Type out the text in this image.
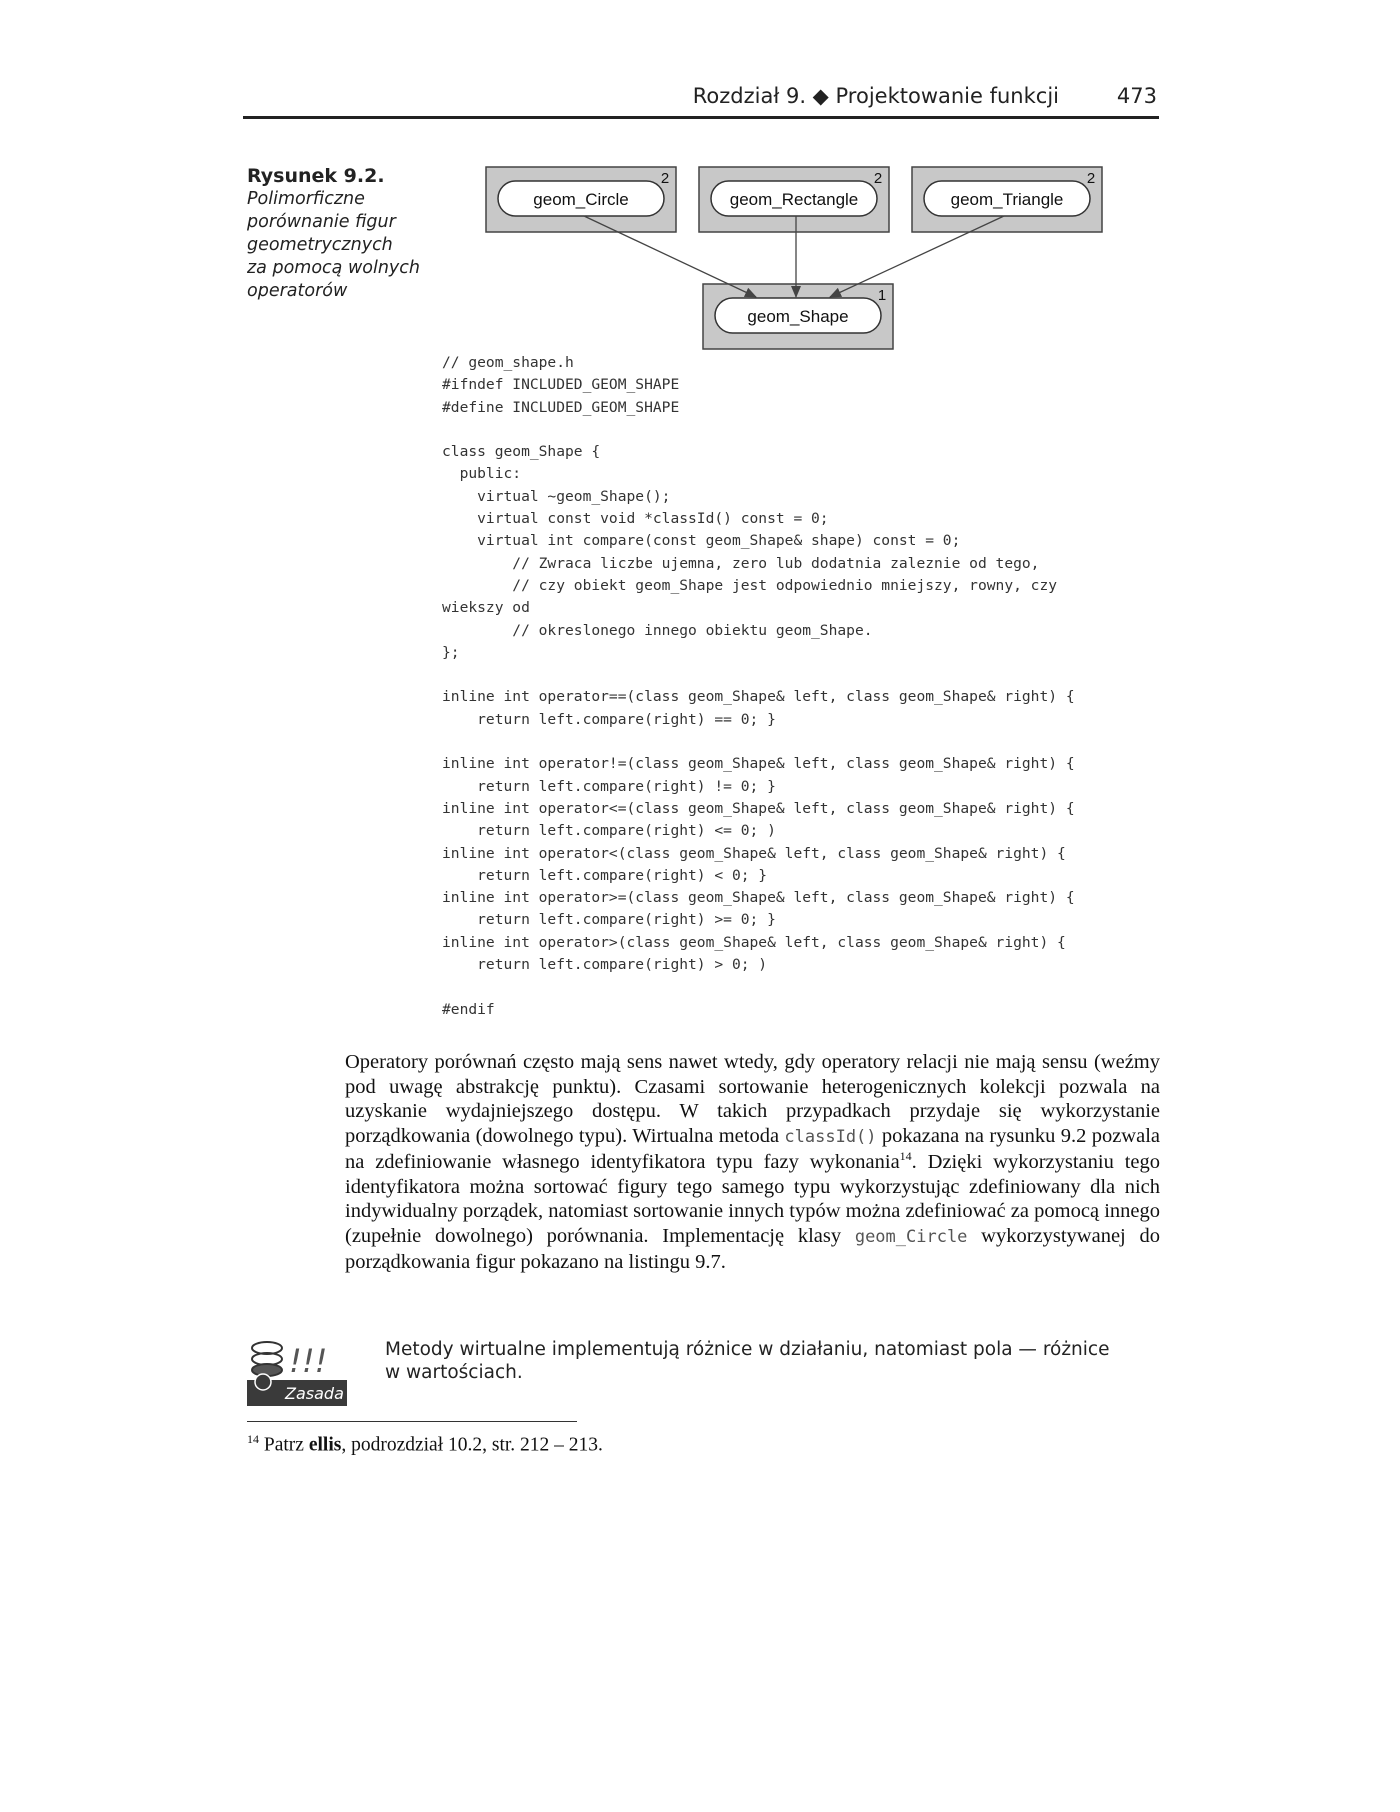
Rozdział 9. ◆ Projektowanie funkcji	473
Rysunek 9.2.
Polimorficzne
porównanie figur
geometrycznych
za pomocą wolnych
operatorów
geom_Circle
2
geom_Rectangle
2
geom_Triangle
2
geom_Shape
1
// geom_shape.h
#ifndef INCLUDED_GEOM_SHAPE
#define INCLUDED_GEOM_SHAPE

class geom_Shape {
public:
virtual ~geom_Shape();
virtual const void *classId() const = 0;
virtual int compare(const geom_Shape& shape) const = 0;
// Zwraca liczbe ujemna, zero lub dodatnia zaleznie od tego,
// czy obiekt geom_Shape jest odpowiednio mniejszy, rowny, czy
wiekszy od
// okreslonego innego obiektu geom_Shape.
};

inline int operator==(class geom_Shape& left, class geom_Shape& right) {
return left.compare(right) == 0; }

inline int operator!=(class geom_Shape& left, class geom_Shape& right) {
return left.compare(right) != 0; }
inline int operator<=(class geom_Shape& left, class geom_Shape& right) {
return left.compare(right) <= 0; )
inline int operator<(class geom_Shape& left, class geom_Shape& right) {
return left.compare(right) < 0; }
inline int operator>=(class geom_Shape& left, class geom_Shape& right) {
return left.compare(right) >= 0; }
inline int operator>(class geom_Shape& left, class geom_Shape& right) {
return left.compare(right) > 0; )

#endif

Operatory porównań często mają sens nawet wtedy, gdy operatory relacji nie mają sensu (weźmy pod uwagę abstrakcję punktu). Czasami sortowanie heterogenicznych kolekcji pozwala na uzyskanie wydajniejszego dostępu. W takich przypadkach przydaje się wykorzystanie porządkowania (dowolnego typu). Wirtualna metoda classId() pokazana na rysunku 9.2 pozwala na zdefiniowanie własnego identyfikatora typu fazy wykonania$^{14}$. Dzięki wykorzystaniu tego identyfikatora można sortować figury tego samego typu wykorzystując zdefiniowany dla nich indywidualny porządek, natomiast sortowanie innych typów można zdefiniować za pomocą innego (zupełnie dowolnego) porównania. Implementację klasy geom_Circle wykorzystywanej do porządkowania figur pokazano na listingu 9.7.

!!!
Zasada
Metody wirtualne implementują różnice w działaniu, natomiast pola — różnice w wartościach.
$^{14}$ Patrz ellis, podrozdział 10.2, str. 212 – 213.
